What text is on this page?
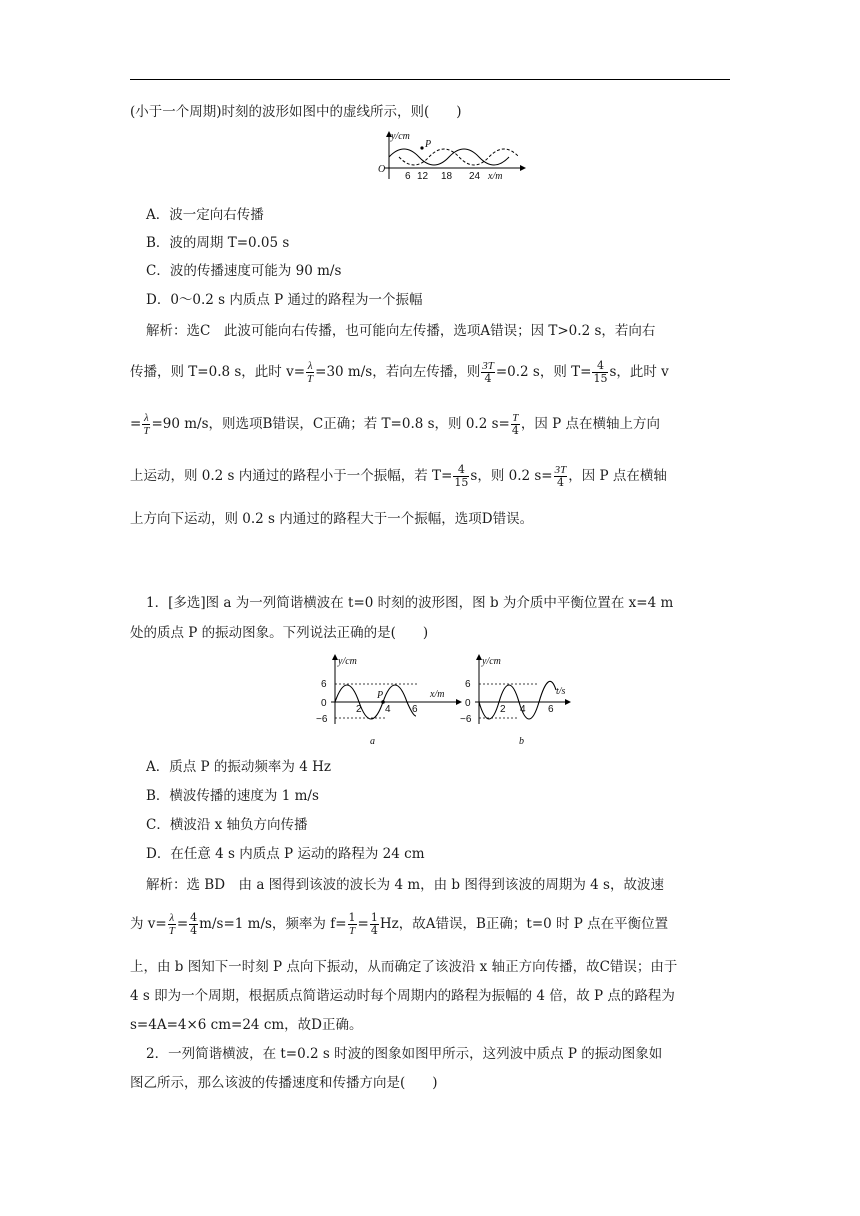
(小于一个周期)时刻的波形如图中的虚线所示，则(　　)
y/cm
P
O
6 12 18 24 x/m
A．波一定向右传播
B．波的周期 T=0.05 s
C．波的传播速度可能为 90 m/s
D．0～0.2 s 内质点 P 通过的路程为一个振幅
解析：选C　此波可能向右传播，也可能向左传播，选项A错误；因 T>0.2 s，若向右
传播，则 T=0.8 s，此时 $v= \frac{\lambda}{T} =30$ m/s，若向左传播，则 $\frac{3T}{4} =0.2$ s，则 $T= \frac{4}{15}$ s，此时 v
= $\frac{\lambda}{T} =90$ m/s，则选项B错误，C正确；若 T=0.8 s，则 0.2 $s= \frac{T}{4}$ ，因 P 点在横轴上方向
上运动，则 0.2 s 内通过的路程小于一个振幅，若 $T= \frac{4}{15}$ s，则 0.2 $s= \frac{3T}{4}$ ，因 P 点在横轴
上方向下运动，则 0.2 s 内通过的路程大于一个振幅，选项D错误。
1．[多选]图 a 为一列简谐横波在 t=0 时刻的波形图，图 b 为介质中平衡位置在 x=4 m
处的质点 P 的振动图象。下列说法正确的是(　　)
y/cm
6
0
−6
2 4 6
P	x/m
a
y/cm
6
0
−6
2 4 6
t/s
b
A．质点 P 的振动频率为 4 Hz
B．横波传播的速度为 1 m/s
C．横波沿 x 轴负方向传播
D．在任意 4 s 内质点 P 运动的路程为 24 cm
解析：选 BD　由 a 图得到该波的波长为 4 m，由 b 图得到该波的周期为 4 s，故波速
为 $v= \frac{\lambda}{T} = \frac{4}{4} m/s=1$ m/s，频率为 $f= \frac{1}{T} = \frac{1}{4}$ Hz，故A错误，B正确；t=0 时 P 点在平衡位置
上，由 b 图知下一时刻 P 点向下振动，从而确定了该波沿 x 轴正方向传播，故C错误；由于
4 s 即为一个周期，根据质点简谐运动时每个周期内的路程为振幅的 4 倍，故 P 点的路程为
s=4A=4×6 cm=24 cm，故D正确。
2．一列简谐横波，在 t=0.2 s 时波的图象如图甲所示，这列波中质点 P 的振动图象如
图乙所示，那么该波的传播速度和传播方向是(　　)
